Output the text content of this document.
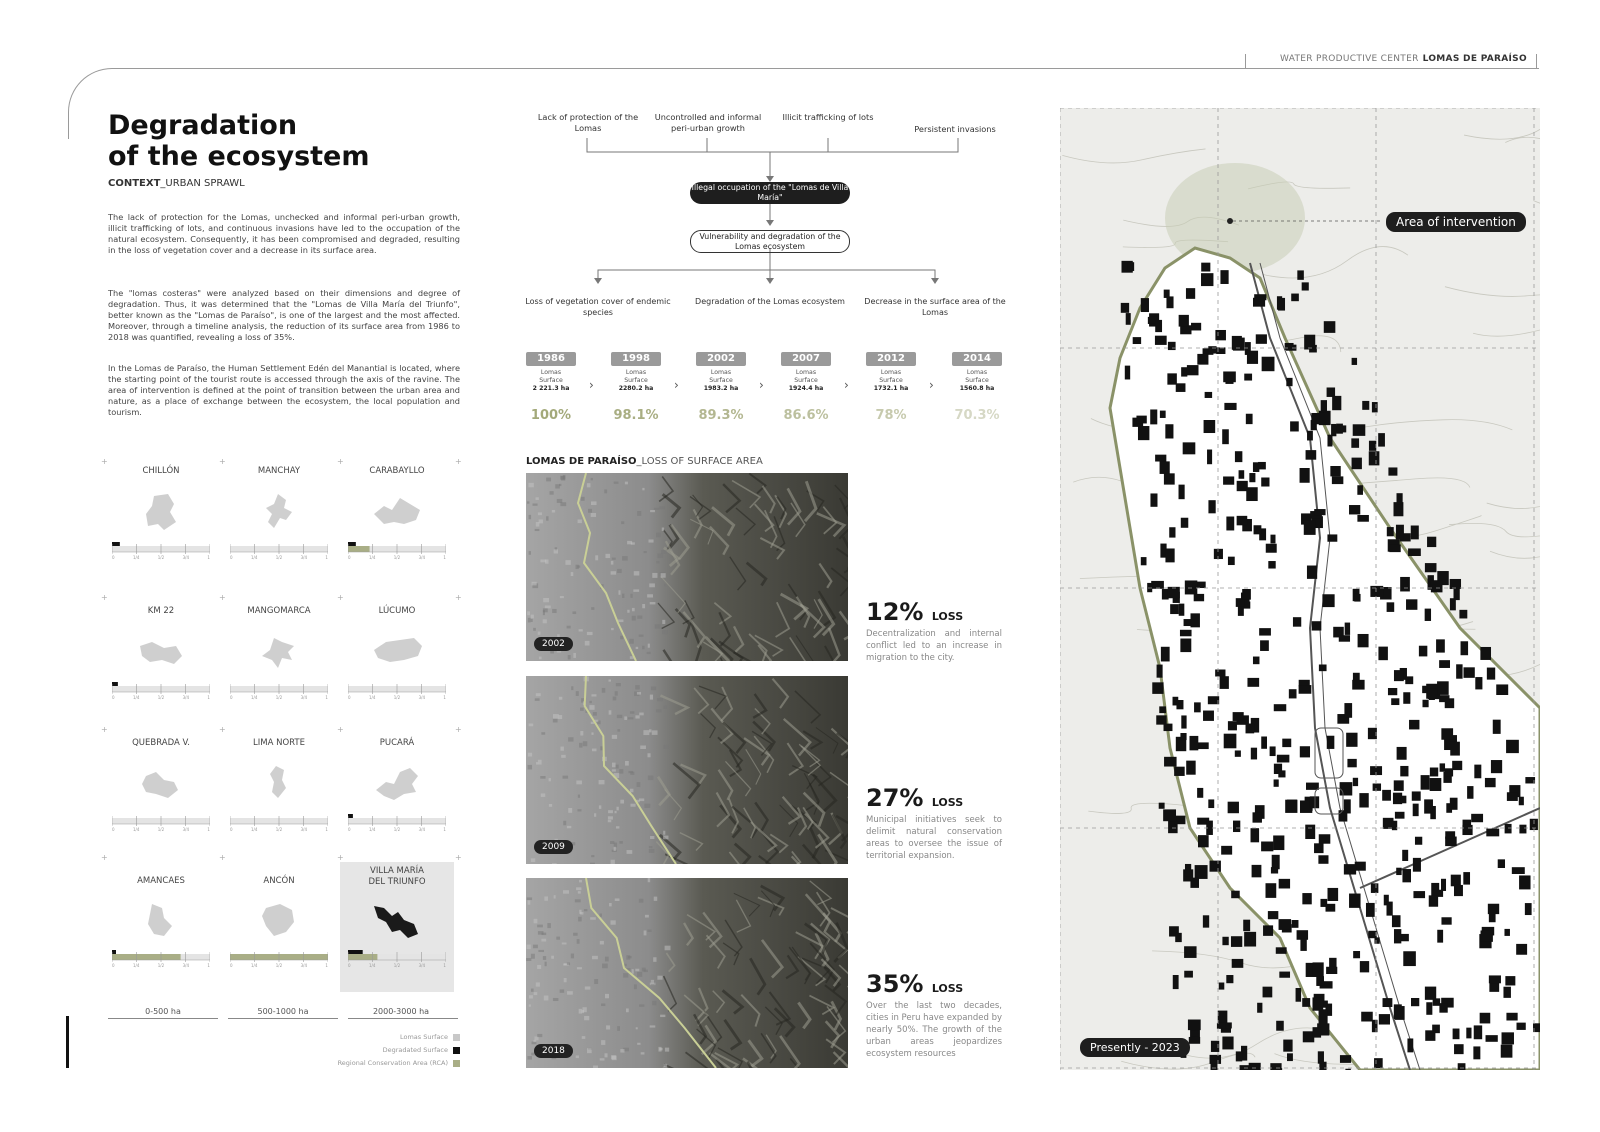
WATER PRODUCTIVE CENTER LOMAS DE PARAÍSO
Degradation
of the ecosystem
CONTEXT_URBAN SPRAWL
The lack of protection for the Lomas, unchecked and informal peri-urban growth, illicit trafficking of lots, and continuous invasions have led to the occupation of the natural ecosystem. Consequently, it has been compromised and degraded, resulting in the loss of vegetation cover and a decrease in its surface area.
The "lomas costeras" were analyzed based on their dimensions and degree of degradation. Thus, it was determined that the "Lomas de Villa María del Triunfo", better known as the "Lomas de Paraíso", is one of the largest and the most affected. Moreover, through a timeline analysis, the reduction of its surface area from 1986 to 2018 was quantified, revealing a loss of 35%.
In the Lomas de Paraíso, the Human Settlement Edén del Manantial is located, where the starting point of the tourist route is accessed through the axis of the ravine. The area of intervention is defined at the point of transition between the urban area and nature, as a place of exchange between the ecosystem, the local population and tourism.
CHILLÓN
0	1/4	1/2	3/4	1
MANCHAY
0	1/4	1/2	3/4	1
CARABAYLLO
0	1/4	1/2	3/4	1
KM 22
0	1/4	1/2	3/4	1
MANGOMARCA
0	1/4	1/2	3/4	1
LÚCUMO
0	1/4	1/2	3/4	1
QUEBRADA V.
0	1/4	1/2	3/4	1
LIMA NORTE
0	1/4	1/2	3/4	1
PUCARÁ
0	1/4	1/2	3/4	1
AMANCAES
0	1/4	1/2	3/4	1
ANCÓN
0	1/4	1/2	3/4	1
VILLA MARÍA
DEL TRIUNFO
0	1/4	1/2	3/4	1
+	+	+	+
+	+	+	+
+	+	+	+
+	+	+	+
0-500 ha	500-1000 ha	2000-3000 ha
Lomas Surface
Degradated Surface
Regional Conservation Area (RCA)
Lack of protection of the Lomas
Uncontrolled and informal peri-urban growth
Illicit trafficking of lots
Persistent invasions
Illegal occupation of the "Lomas de Villa María"
Vulnerability and degradation of the Lomas ecosystem
Loss of vegetation cover of endemic species
Degradation of the Lomas ecosystem	Decrease in the surface area of the Lomas
1986
Lomas
Surface
2 221.3 ha
100%
›
1998
Lomas
Surface
2280.2 ha
98.1%
›
2002
Lomas
Surface
1983.2 ha
89.3%
›
2007
Lomas
Surface
1924.4 ha
86.6%
›
2012
Lomas
Surface
1732.1 ha
78%
›
2014
Lomas
Surface
1560.8 ha
70.3%
LOMAS DE PARAÍSO_LOSS OF SURFACE AREA
2002
12% LOSS
Decentralization and internal conflict led to an increase in migration to the city.
2009
27% LOSS
Municipal initiatives seek to delimit natural conservation areas to oversee the issue of territorial expansion.
2018
35% LOSS
Over the last two decades, cities in Peru have expanded by nearly 50%. The growth of the urban areas jeopardizes ecosystem resources
Area of intervention
Presently - 2023
